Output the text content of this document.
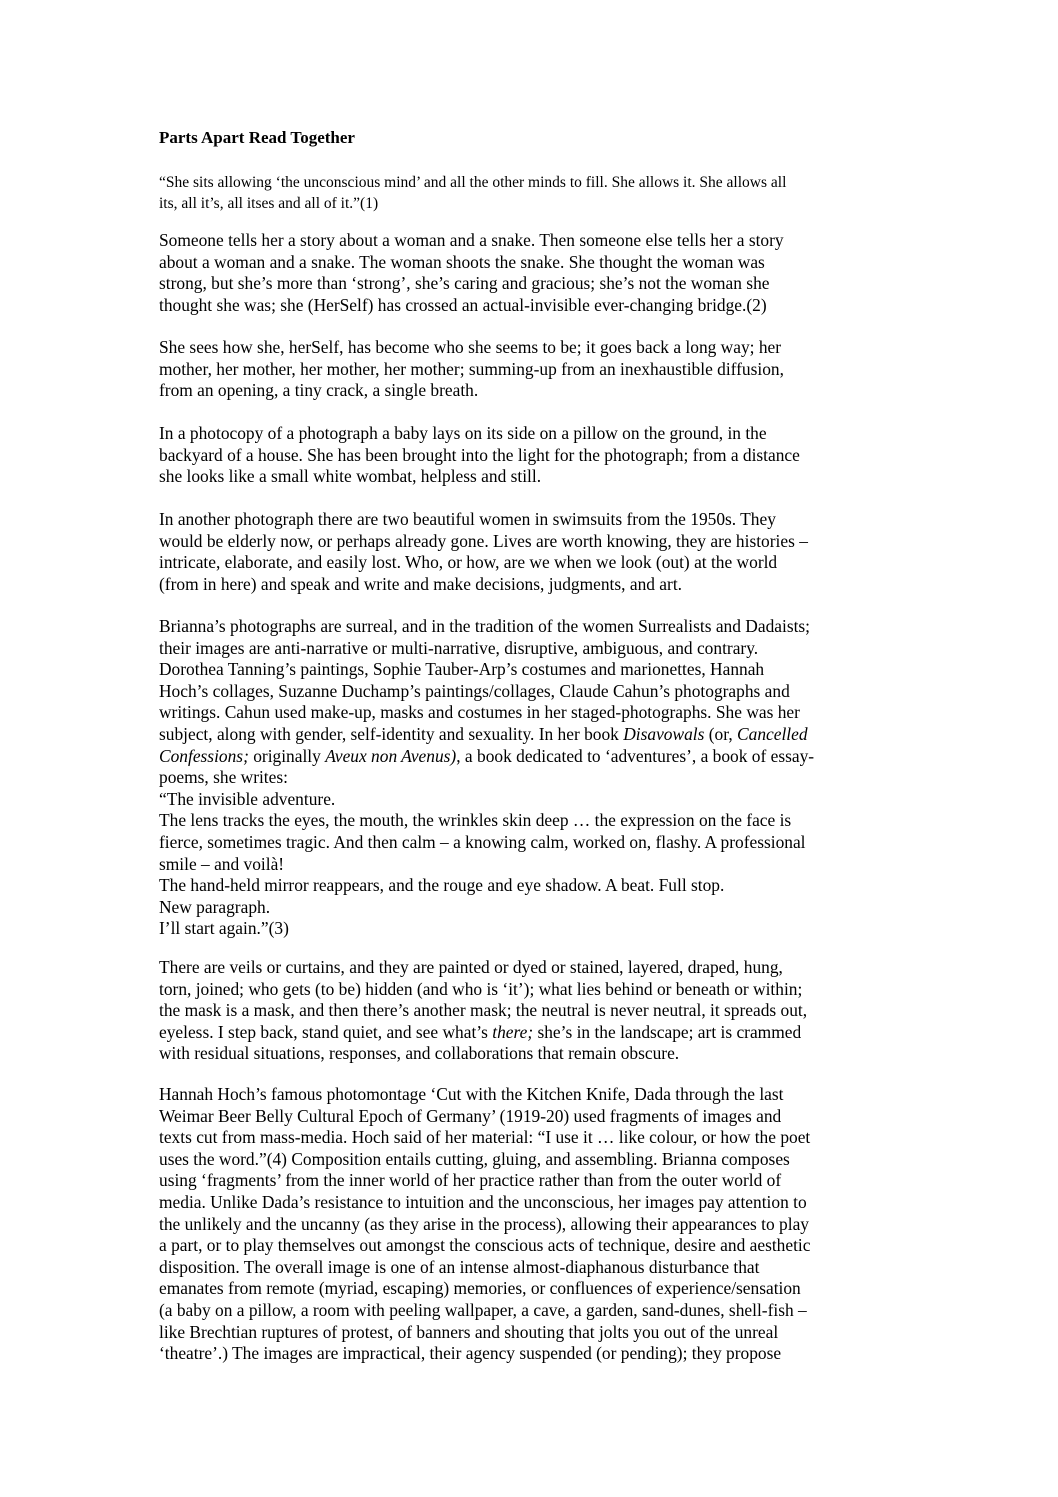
Parts Apart Read Together
“She sits allowing ‘the unconscious mind’ and all the other minds to fill. She allows it. She allows all
its, all it’s, all itses and all of it.”(1)
Someone tells her a story about a woman and a snake. Then someone else tells her a story
about a woman and a snake. The woman shoots the snake. She thought the woman was
strong, but she’s more than ‘strong’, she’s caring and gracious; she’s not the woman she
thought she was; she (HerSelf) has crossed an actual-invisible ever-changing bridge.(2)
She sees how she, herSelf, has become who she seems to be; it goes back a long way; her
mother, her mother, her mother, her mother; summing-up from an inexhaustible diffusion,
from an opening, a tiny crack, a single breath.
In a photocopy of a photograph a baby lays on its side on a pillow on the ground, in the
backyard of a house. She has been brought into the light for the photograph; from a distance
she looks like a small white wombat, helpless and still.
In another photograph there are two beautiful women in swimsuits from the 1950s. They
would be elderly now, or perhaps already gone. Lives are worth knowing, they are histories –
intricate, elaborate, and easily lost. Who, or how, are we when we look (out) at the world
(from in here) and speak and write and make decisions, judgments, and art.
Brianna’s photographs are surreal, and in the tradition of the women Surrealists and Dadaists;
their images are anti-narrative or multi-narrative, disruptive, ambiguous, and contrary.
Dorothea Tanning’s paintings, Sophie Tauber-Arp’s costumes and marionettes, Hannah
Hoch’s collages, Suzanne Duchamp’s paintings/collages, Claude Cahun’s photographs and
writings. Cahun used make-up, masks and costumes in her staged-photographs. She was her
subject, along with gender, self-identity and sexuality. In her book Disavowals (or, Cancelled
Confessions; originally Aveux non Avenus), a book dedicated to ‘adventures’, a book of essay-
poems, she writes:
“The invisible adventure.
The lens tracks the eyes, the mouth, the wrinkles skin deep … the expression on the face is
fierce, sometimes tragic. And then calm – a knowing calm, worked on, flashy. A professional
smile – and voilà!
The hand-held mirror reappears, and the rouge and eye shadow. A beat. Full stop.
New paragraph.
I’ll start again.”(3)
There are veils or curtains, and they are painted or dyed or stained, layered, draped, hung,
torn, joined; who gets (to be) hidden (and who is ‘it’); what lies behind or beneath or within;
the mask is a mask, and then there’s another mask; the neutral is never neutral, it spreads out,
eyeless. I step back, stand quiet, and see what’s there; she’s in the landscape; art is crammed
with residual situations, responses, and collaborations that remain obscure.
Hannah Hoch’s famous photomontage ‘Cut with the Kitchen Knife, Dada through the last
Weimar Beer Belly Cultural Epoch of Germany’ (1919-20) used fragments of images and
texts cut from mass-media. Hoch said of her material: “I use it … like colour, or how the poet
uses the word.”(4) Composition entails cutting, gluing, and assembling. Brianna composes
using ‘fragments’ from the inner world of her practice rather than from the outer world of
media. Unlike Dada’s resistance to intuition and the unconscious, her images pay attention to
the unlikely and the uncanny (as they arise in the process), allowing their appearances to play
a part, or to play themselves out amongst the conscious acts of technique, desire and aesthetic
disposition. The overall image is one of an intense almost-diaphanous disturbance that
emanates from remote (myriad, escaping) memories, or confluences of experience/sensation
(a baby on a pillow, a room with peeling wallpaper, a cave, a garden, sand-dunes, shell-fish –
like Brechtian ruptures of protest, of banners and shouting that jolts you out of the unreal
‘theatre’.) The images are impractical, their agency suspended (or pending); they propose
